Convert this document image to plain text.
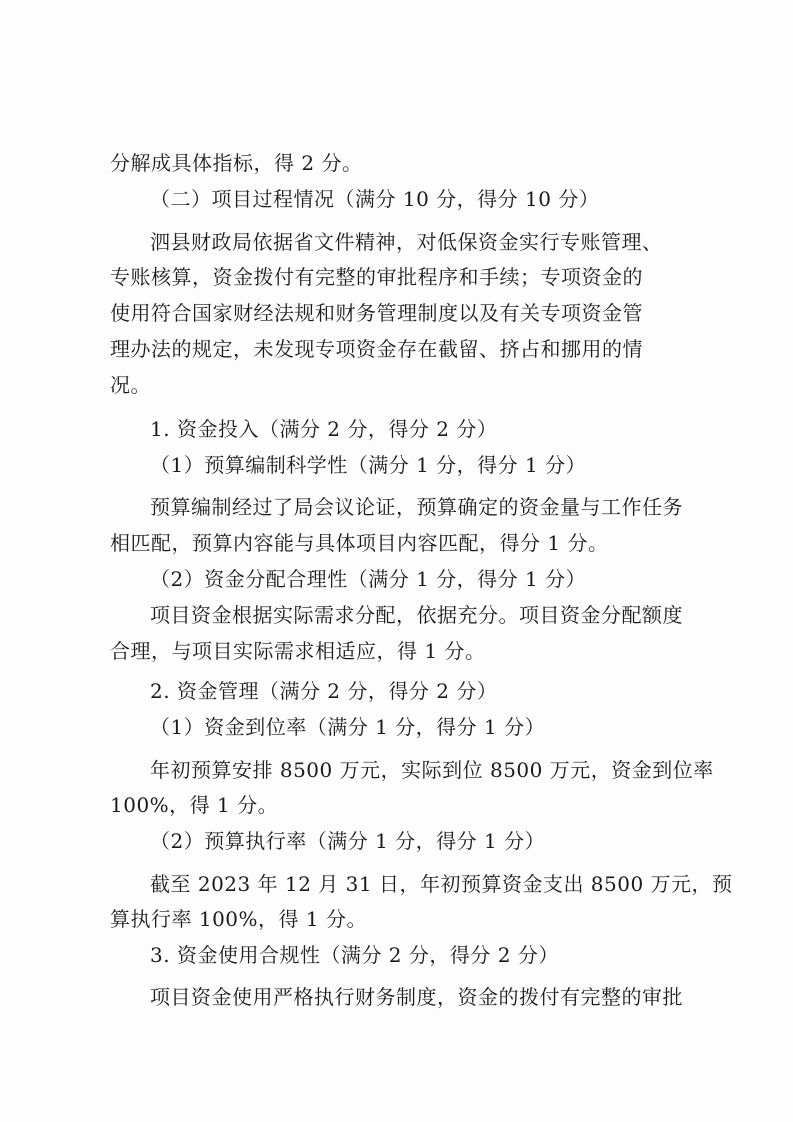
分解成具体指标，得 2 分。
（二）项目过程情况（满分 10 分，得分 10 分）
泗县财政局依据省文件精神，对低保资金实行专账管理、
专账核算，资金拨付有完整的审批程序和手续；专项资金的
使用符合国家财经法规和财务管理制度以及有关专项资金管
理办法的规定，未发现专项资金存在截留、挤占和挪用的情
况。
1. 资金投入（满分 2 分，得分 2 分）
（1）预算编制科学性（满分 1 分，得分 1 分）
预算编制经过了局会议论证，预算确定的资金量与工作任务
相匹配，预算内容能与具体项目内容匹配，得分 1 分。
（2）资金分配合理性（满分 1 分，得分 1 分）
项目资金根据实际需求分配，依据充分。项目资金分配额度
合理，与项目实际需求相适应，得 1 分。
2. 资金管理（满分 2 分，得分 2 分）
（1）资金到位率（满分 1 分，得分 1 分）
年初预算安排 8500 万元，实际到位 8500 万元，资金到位率
100%，得 1 分。
（2）预算执行率（满分 1 分，得分 1 分）
截至 2023 年 12 月 31 日，年初预算资金支出 8500 万元，预
算执行率 100%，得 1 分。
3. 资金使用合规性（满分 2 分，得分 2 分）
项目资金使用严格执行财务制度，资金的拨付有完整的审批
